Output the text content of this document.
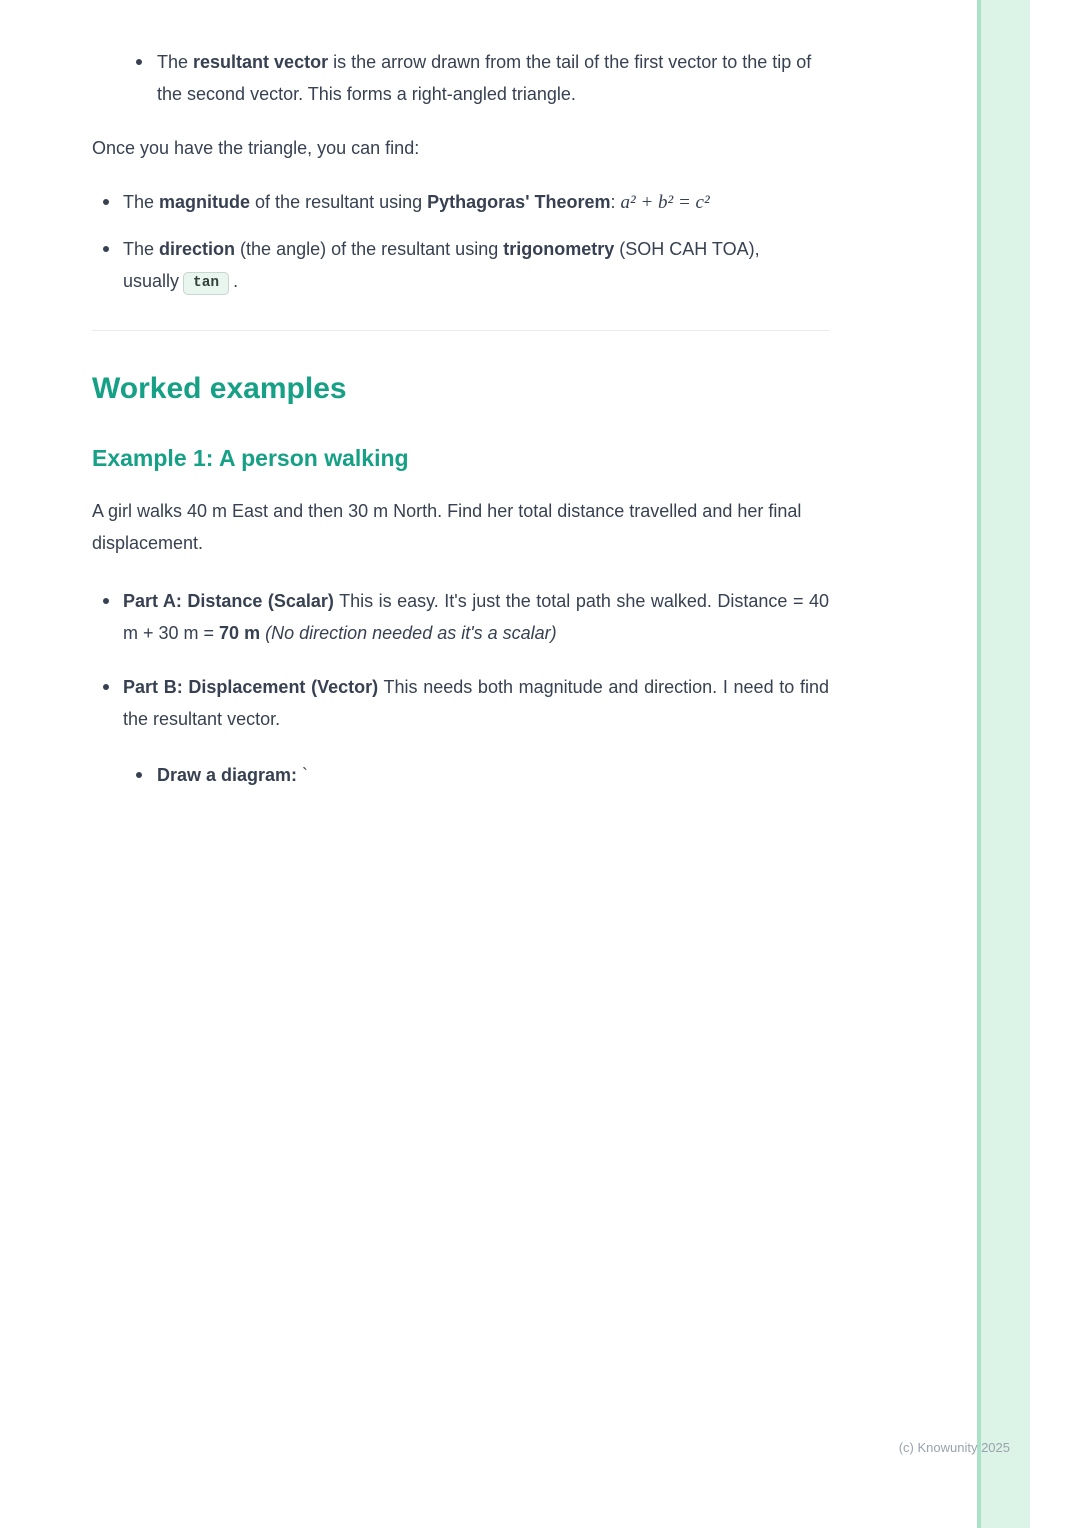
The resultant vector is the arrow drawn from the tail of the first vector to the tip of the second vector. This forms a right-angled triangle.

Once you have the triangle, you can find:

The magnitude of the resultant using Pythagoras' Theorem: a² + b² = c²
The direction (the angle) of the resultant using trigonometry (SOH CAH TOA), usually tan .
Worked examples
Example 1: A person walking

A girl walks 40 m East and then 30 m North. Find her total distance travelled and her final displacement.

Part A: Distance (Scalar) This is easy. It's just the total path she walked. Distance = 40 m + 30 m = 70 m (No direction needed as it's a scalar)
Part B: Displacement (Vector) This needs both magnitude and direction. I need to find the resultant vector.
Draw a diagram: `
(c) Knowunity 2025
